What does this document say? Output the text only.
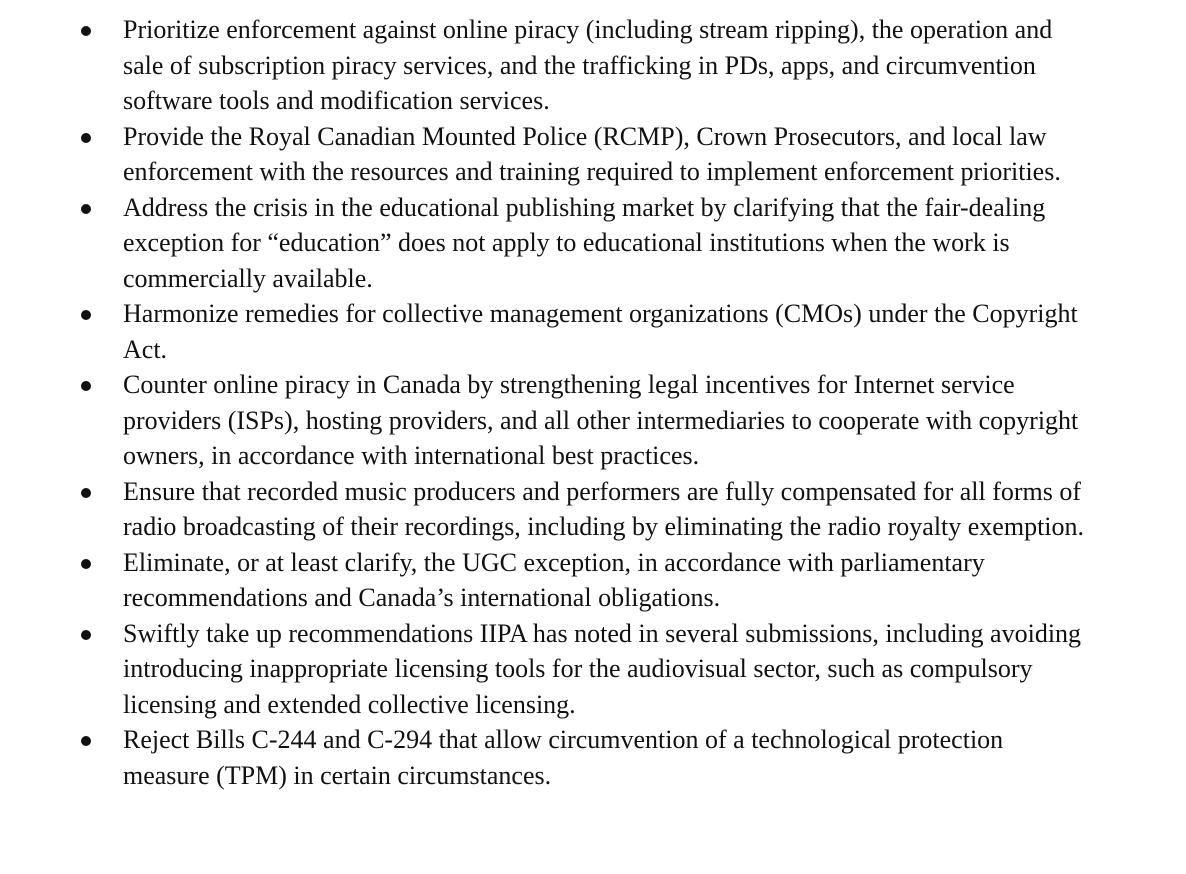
Prioritize enforcement against online piracy (including stream ripping), the operation and sale of subscription piracy services, and the trafficking in PDs, apps, and circumvention software tools and modification services.
Provide the Royal Canadian Mounted Police (RCMP), Crown Prosecutors, and local law enforcement with the resources and training required to implement enforcement priorities.
Address the crisis in the educational publishing market by clarifying that the fair-dealing exception for “education” does not apply to educational institutions when the work is commercially available.
Harmonize remedies for collective management organizations (CMOs) under the Copyright Act.
Counter online piracy in Canada by strengthening legal incentives for Internet service providers (ISPs), hosting providers, and all other intermediaries to cooperate with copyright owners, in accordance with international best practices.
Ensure that recorded music producers and performers are fully compensated for all forms of radio broadcasting of their recordings, including by eliminating the radio royalty exemption.
Eliminate, or at least clarify, the UGC exception, in accordance with parliamentary recommendations and Canada’s international obligations.
Swiftly take up recommendations IIPA has noted in several submissions, including avoiding introducing inappropriate licensing tools for the audiovisual sector, such as compulsory licensing and extended collective licensing.
Reject Bills C-244 and C-294 that allow circumvention of a technological protection measure (TPM) in certain circumstances.
